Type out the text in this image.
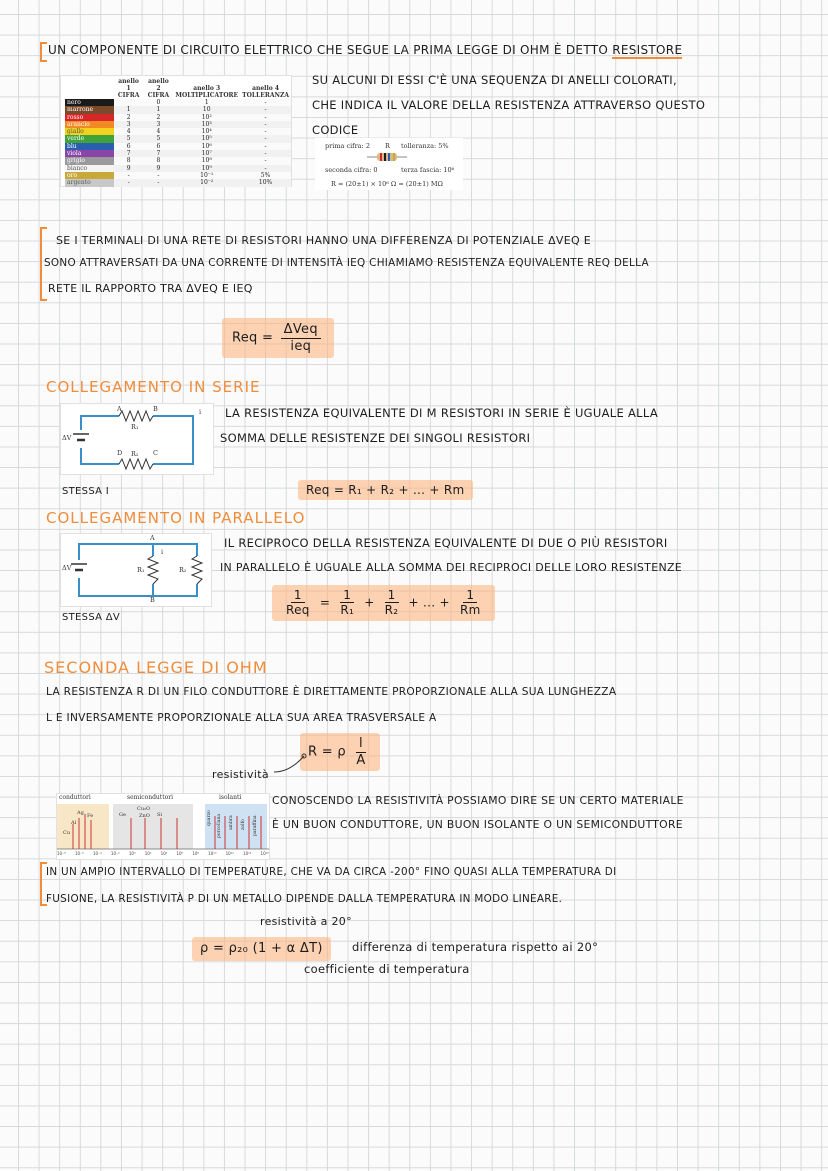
UN COMPONENTE DI CIRCUITO ELETTRICO CHE SEGUE LA PRIMA LEGGE DI OHM È DETTO RESISTORE
	anello 1 CIFRA	anello 2 CIFRA	anello 3 MOLTIPLICATORE	anello 4 TOLLERANZA
nero		0	1	-
marrone	1	1	10	-
rosso	2	2	10²	-
arancio	3	3	10³	-
giallo	4	4	10⁴	-
verde	5	5	10⁵	-
blu	6	6	10⁶	-
viola	7	7	10⁷	-
grigio	8	8	10⁸	-
bianco	9	9	10⁹	-
oro	-	-	10⁻¹	5%
argento	-	-	10⁻²	10%
SU ALCUNI DI ESSI C'È UNA SEQUENZA DI ANELLI COLORATI,
CHE INDICA IL VALORE DELLA RESISTENZA ATTRAVERSO QUESTO
CODICE
prima cifra: 2 R tolleranza: 5%
seconda cifra: 0	terza fascia: 10⁶
R = (20±1) × 10⁶ Ω = (20±1) MΩ
SE I TERMINALI DI UNA RETE DI RESISTORI HANNO UNA DIFFERENZA DI POTENZIALE ΔVEQ E
SONO ATTRAVERSATI DA UNA CORRENTE DI INTENSITÀ IEQ CHIAMIAMO RESISTENZA EQUIVALENTE REQ DELLA
RETE IL RAPPORTO TRA ΔVEQ E IEQ
Req = $\frac{\text{ΔVeq}}{\text{ieq}}$
COLLEGAMENTO IN SERIE
ΔV
A	B
R₁
D	C
R₂
i LA RESISTENZA EQUIVALENTE DI M RESISTORI IN SERIE È UGUALE ALLA
SOMMA DELLE RESISTENZE DEI SINGOLI RESISTORI
STESSA I	Req = R₁ + R₂ + ... + Rm
COLLEGAMENTO IN PARALLELO
ΔV
A
B
R₁	R₂
i
IL RECIPROCO DELLA RESISTENZA EQUIVALENTE DI DUE O PIÙ RESISTORI
IN PARALLELO È UGUALE ALLA SOMMA DEI RECIPROCI DELLE LORO RESISTENZE
STESSA ΔV	$\frac{1}{\text{Req}} = \frac{1}{\text{R₁}} + \frac{1}{\text{R₂}}$ + ... + $\frac{1}{Rm}$
SECONDA LEGGE DI OHM
LA RESISTENZA R DI UN FILO CONDUTTORE È DIRETTAMENTE PROPORZIONALE ALLA SUA LUNGHEZZA
L E INVERSAMENTE PROPORZIONALE ALLA SUA AREA TRASVERSALE A
R = ρ $\frac{l}{A}$
resistività
conduttori	semiconduttori	isolanti
Cu
Al
Ag Fe	Ge
Cu₂O
ZnO Si	quarzo porcellana ambra zolfo paraffina
10⁻⁸ 10⁻⁶ 10⁻⁴ 10⁻² 10⁰ 10² 10⁴ 10⁶ 10⁸ 10¹⁰ 10¹² 10¹⁴ 10¹⁶
CONOSCENDO LA RESISTIVITÀ POSSIAMO DIRE SE UN CERTO MATERIALE
È UN BUON CONDUTTORE, UN BUON ISOLANTE O UN SEMICONDUTTORE
IN UN AMPIO INTERVALLO DI TEMPERATURE, CHE VA DA CIRCA -200° FINO QUASI ALLA TEMPERATURA DI
FUSIONE, LA RESISTIVITÀ Ρ DI UN METALLO DIPENDE DALLA TEMPERATURA IN MODO LINEARE.
resistività a 20°
ρ = ρ₂₀ (1 + α ΔT)	differenza di temperatura rispetto ai 20°
coefficiente di temperatura
